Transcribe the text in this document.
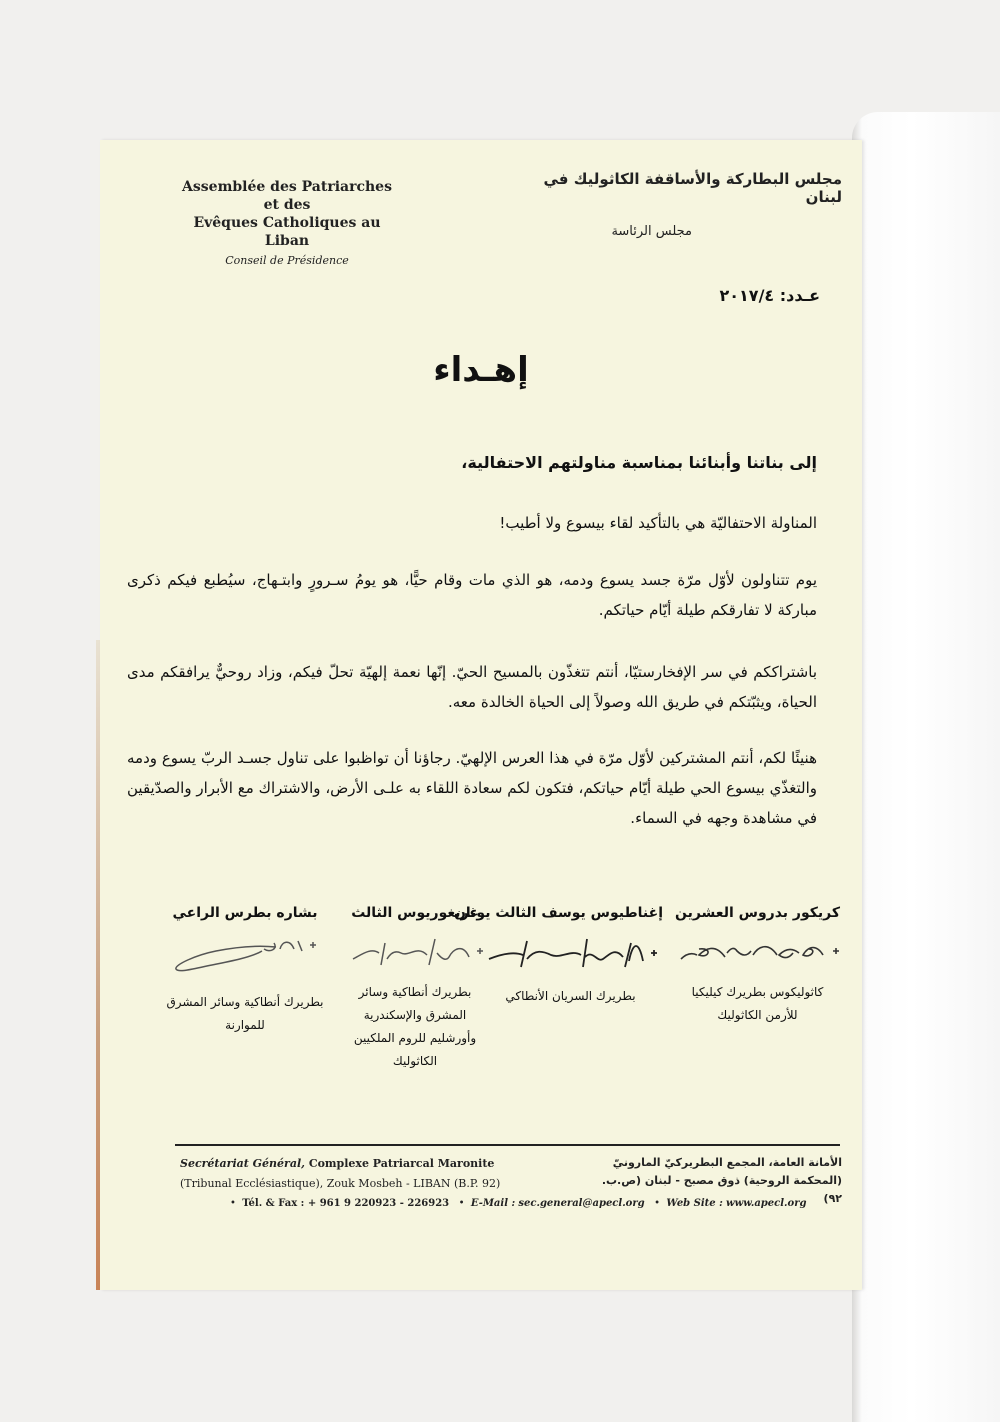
Assemblée des Patriarches et des
Evêques Catholiques au Liban
Conseil de Présidence
مجلس البطاركة والأساقفة الكاثوليك في لبنان
مجلس الرئاسة
عـدد: ٢٠١٧/٤
إهـداء
إلى بناتنا وأبنائنا بمناسبة مناولتهم الاحتفالية،
المناولة الاحتفاليّة هي بالتأكيد لقاء بيسوع ولا أطيب!
يوم تتناولون لأوّل مرّة جسد يسوع ودمه، هو الذي مات وقام حيًّا، هو يومُ سـرورٍ وابتـهاج، سيُطبع فيكم ذكرى مباركة لا تفارقكم طيلة أيّام حياتكم.
باشتراككم في سر الإفخارستيّا، أنتم تتغذّون بالمسيح الحيّ. إنّها نعمة إلهيّة تحلّ فيكم، وزاد روحيٌّ يرافقكم مدى الحياة، ويثبّتكم في طريق الله وصولاً إلى الحياة الخالدة معه.
هنيئًا لكم، أنتم المشتركين لأوّل مرّة في هذا العرس الإلهيّ. رجاؤنا أن تواظبوا على تناول جسـد الربّ يسوع ودمه والتغذّي بيسوع الحي طيلة أيّام حياتكم، فتكون لكم سعادة اللقاء به علـى الأرض، والاشتراك مع الأبرار والصدّيقين في مشاهدة وجهه في السماء.
كريكور بدروس العشرين
كاثوليكوس بطريرك كيليكيا
للأرمن الكاثوليك
إغناطيوس يوسف الثالث يونان
بطريرك السريان الأنطاكي
غريغوريوس الثالث
بطريرك أنطاكية وسائر
المشرق والإسكندرية
وأورشليم للروم الملكيين
الكاثوليك
بشاره بطرس الراعي
بطريرك أنطاكية وسائر المشرق
للموارنة
Secrétariat Général, Complexe Patriarcal Maronite
(Tribunal Ecclésiastique), Zouk Mosbeh - LIBAN (B.P. 92)
الأمانة العامة، المجمع البطريركيّ المارونيّ
(المحكمة الروحية) ذوق مصبح - لبنان (ص.ب. ٩٢)
•  Tél. & Fax : + 961 9 220923 - 226923   •  E-Mail : sec.general@apecl.org   •  Web Site : www.apecl.org
